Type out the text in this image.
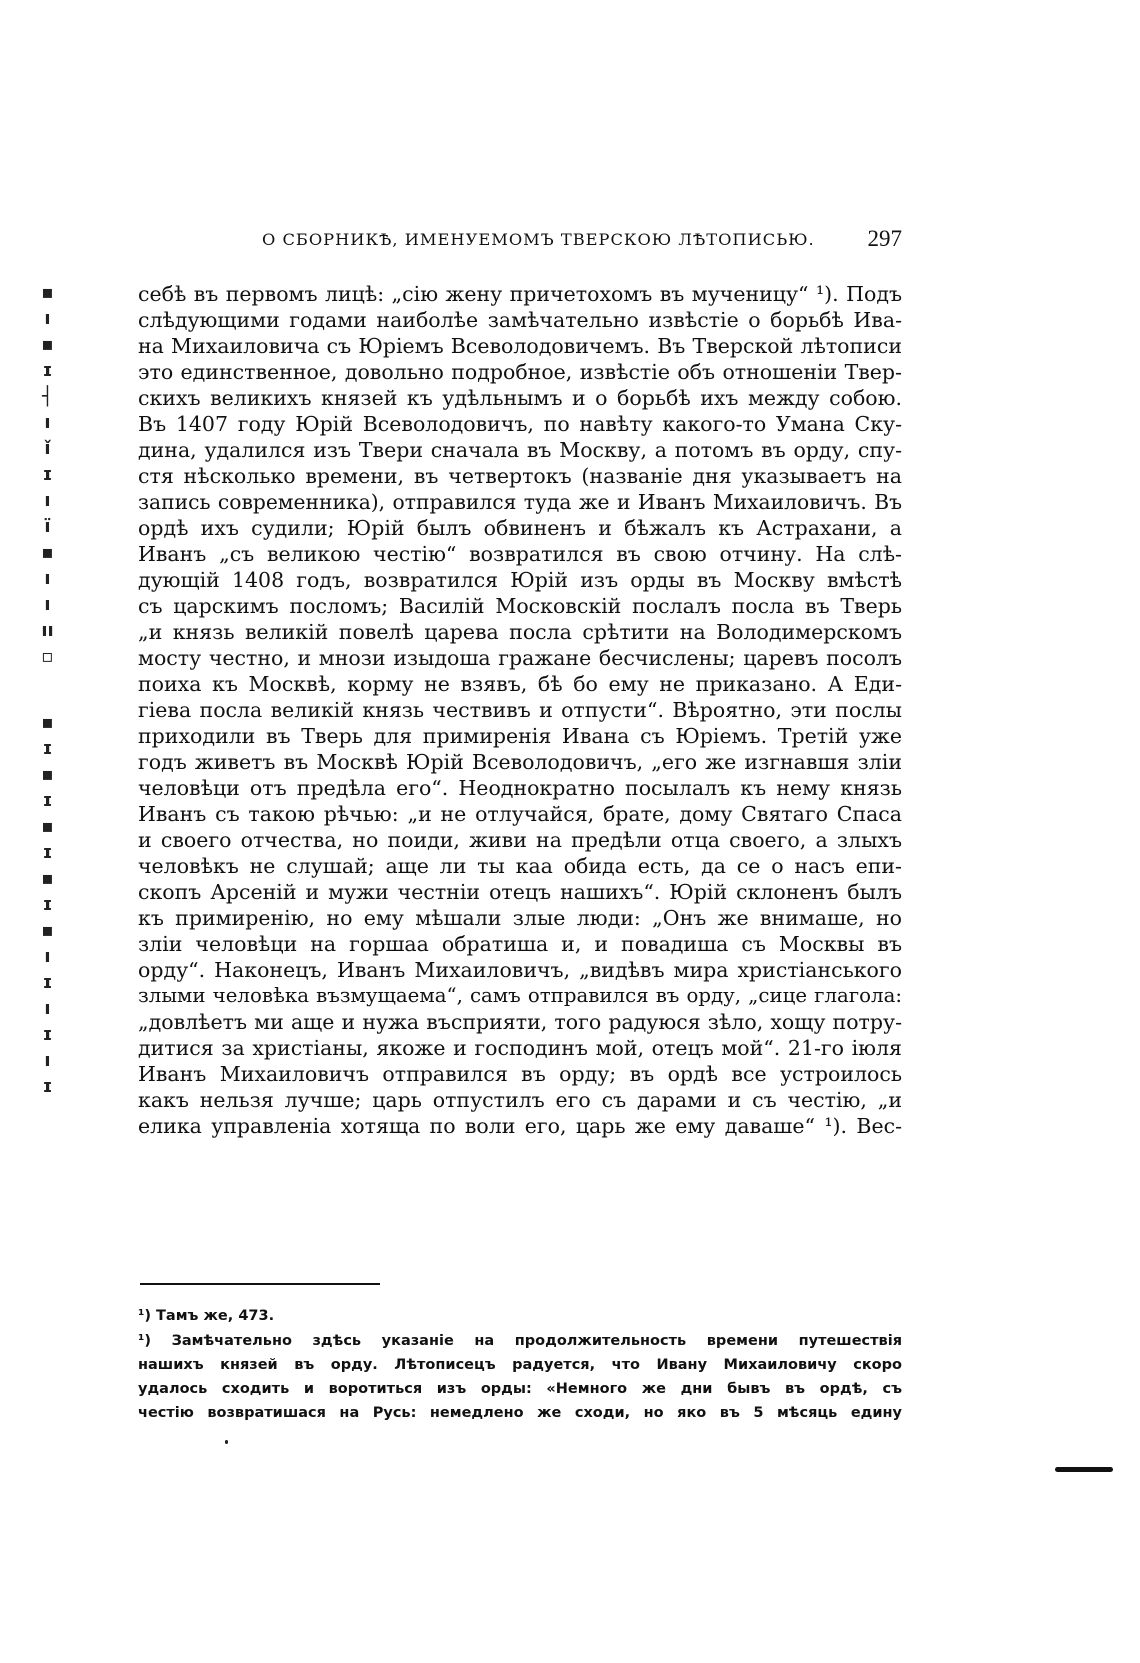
▪
ı
▪
ɪ
┤
ı
ǐ
ɪ
ı
ï
▪
ı
ı
ıı
▫
▪
ɪ
▪
ɪ
▪
ɪ
▪
ɪ
▪
ı
ɪ
ı
ɪ
ı
ɪ
О СБОРНИКѢ, ИМЕНУЕМОМЪ ТВЕРСКОЮ ЛѢТОПИСЬЮ. 297
себѣ въ первомъ лицѣ: „сію жену причетохомъ въ мученицу“ ¹). Подъ
слѣдующими годами наиболѣе замѣчательно извѣстіе о борьбѣ Ива-
на Михаиловича съ Юріемъ Всеволодовичемъ. Въ Тверской лѣтописи
это единственное, довольно подробное, извѣстіе объ отношеніи Твер-
скихъ великихъ князей къ удѣльнымъ и о борьбѣ ихъ между собою.
Въ 1407 году Юрій Всеволодовичъ, по навѣту какого-то Умана Ску-
дина, удалился изъ Твери сначала въ Москву, а потомъ въ орду, спу-
стя нѣсколько времени, въ четвертокъ (названіе дня указываетъ на
запись современника), отправился туда же и Иванъ Михаиловичъ. Въ
ордѣ ихъ судили; Юрій былъ обвиненъ и бѣжалъ къ Астрахани, а
Иванъ „съ великою честію“ возвратился въ свою отчину. На слѣ-
дующій 1408 годъ, возвратился Юрій изъ орды въ Москву вмѣстѣ
съ царскимъ посломъ; Василій Московскій послалъ посла въ Тверь
„и князь великій повелѣ царева посла срѣтити на Володимерскомъ
мосту честно, и мнози изыдоша гражане бесчислены; царевъ посолъ
поиха къ Москвѣ, корму не взявъ, бѣ бо ему не приказано. А Еди-
гіева посла великій князь чествивъ и отпусти“. Вѣроятно, эти послы
приходили въ Тверь для примиренія Ивана съ Юріемъ. Третій уже
годъ живетъ въ Москвѣ Юрій Всеволодовичъ, „его же изгнавшя зліи
человѣци отъ предѣла его“. Неоднократно посылалъ къ нему князь
Иванъ съ такою рѣчью: „и не отлучайся, брате, дому Святаго Спаса
и своего отчества, но поиди, живи на предѣли отца своего, а злыхъ
человѣкъ не слушай; аще ли ты каа обида есть, да се о насъ епи-
скопъ Арсеній и мужи честніи отецъ нашихъ“. Юрій склоненъ былъ
къ примиренію, но ему мѣшали злые люди: „Онъ же внимаше, но
зліи человѣци на горшаа обратиша и, и повадиша съ Москвы въ
орду“. Наконецъ, Иванъ Михаиловичъ, „видѣвъ мира христіанського
злыми человѣка възмущаема“, самъ отправился въ орду, „сице глагола:
„довлѣетъ ми аще и нужа въсприяти, того радуюся зѣло, хощу потру-
дитися за христіаны, якоже и господинъ мой, отецъ мой“. 21-го іюля
Иванъ Михаиловичъ отправился въ орду; въ ордѣ все устроилось
какъ нельзя лучше; царь отпустилъ его съ дарами и съ честію, „и
елика управленіа хотяща по воли его, царь же ему даваше“ ¹). Вес-
¹) Тамъ же, 473.
¹) Замѣчательно здѣсь указаніе на продолжительность времени путешествія
нашихъ князей въ орду. Лѣтописецъ радуется, что Ивану Михаиловичу скоро
удалось сходить и воротиться изъ орды: «Немного же дни бывъ въ ордѣ, съ
честію возвратишася на Русь: немедлено же сходи, но яко въ 5 мѣсяць едину
